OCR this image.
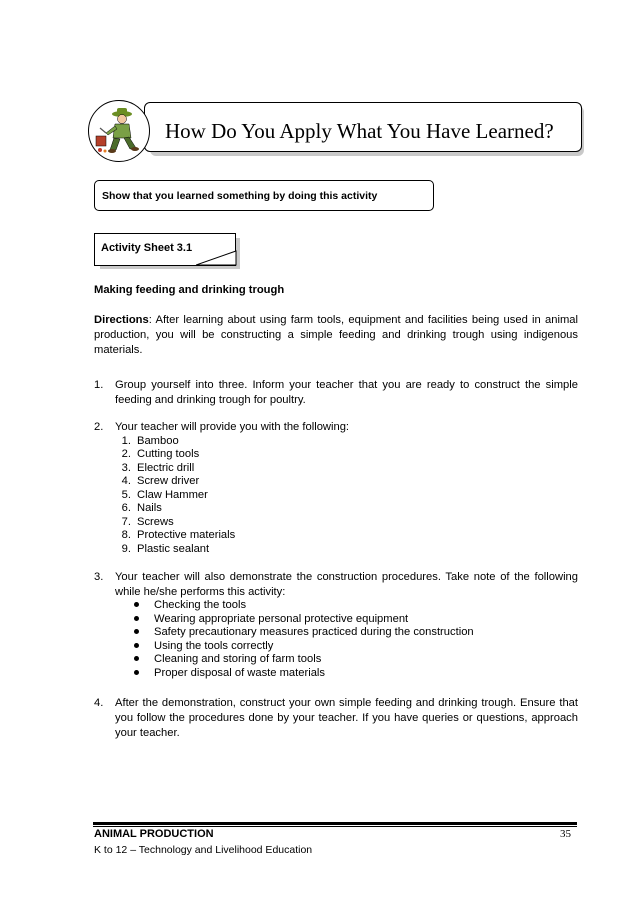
How Do You Apply What You Have Learned?
Show that you learned something by doing this activity
Activity Sheet 3.1
Making feeding and drinking trough
Directions: After learning about using farm tools, equipment and facilities being used in animal production, you will be constructing a simple feeding and drinking trough using indigenous materials.
1. Group yourself into three. Inform your teacher that you are ready to construct the simple feeding and drinking trough for poultry.
2. Your teacher will provide you with the following:
1. Bamboo
2. Cutting tools
3. Electric drill
4. Screw driver
5. Claw Hammer
6. Nails
7. Screws
8. Protective materials
9. Plastic sealant
3. Your teacher will also demonstrate the construction procedures. Take note of the following while he/she performs this activity:
Checking the tools
Wearing appropriate personal protective equipment
Safety precautionary measures practiced during the construction
Using the tools correctly
Cleaning and storing of farm tools
Proper disposal of waste materials
4. After the demonstration, construct your own simple feeding and drinking trough. Ensure that you follow the procedures done by your teacher. If you have queries or questions, approach your teacher.
ANIMAL PRODUCTION	35
K to 12 – Technology and Livelihood Education
